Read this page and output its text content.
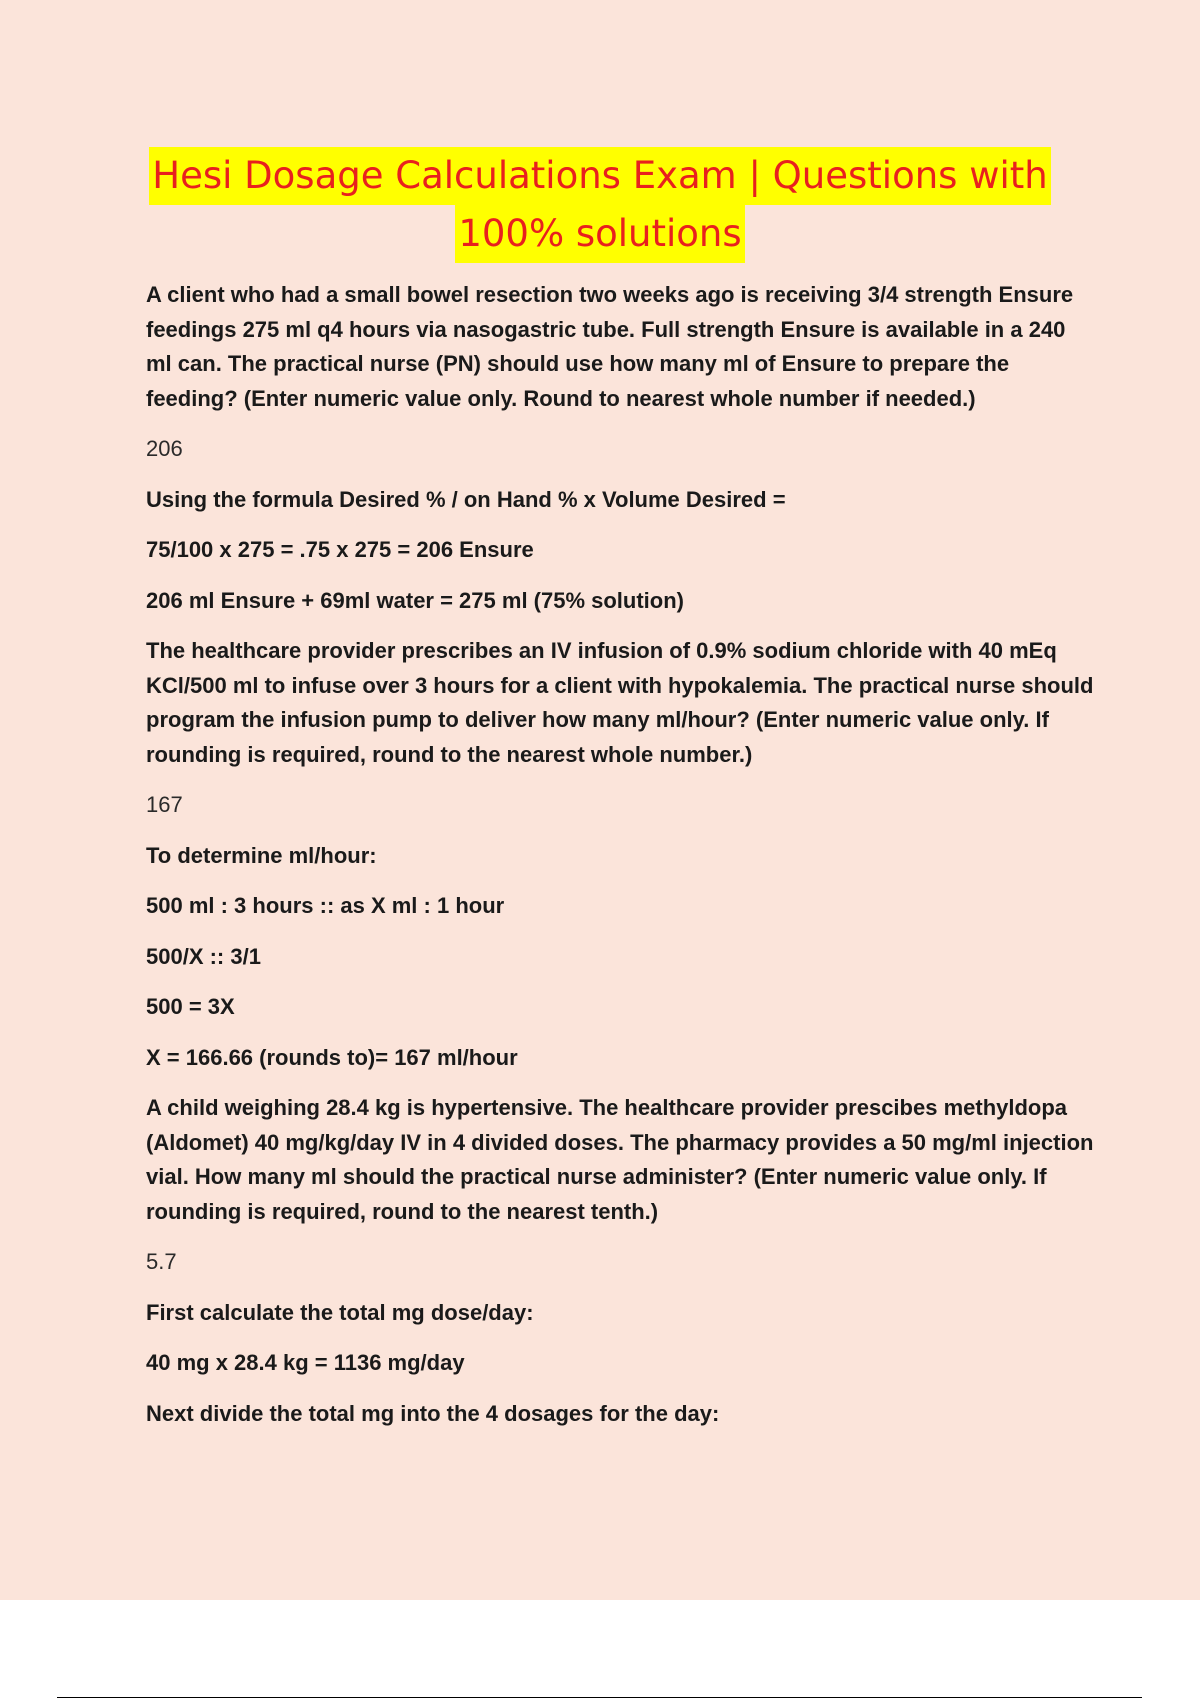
Hesi Dosage Calculations Exam | Questions with
100% solutions

A client who had a small bowel resection two weeks ago is receiving 3/4 strength Ensure feedings 275 ml q4 hours via nasogastric tube. Full strength Ensure is available in a 240 ml can. The practical nurse (PN) should use how many ml of Ensure to prepare the feeding? (Enter numeric value only. Round to nearest whole number if needed.)

206

Using the formula Desired % / on Hand % x Volume Desired =

75/100 x 275 = .75 x 275 = 206 Ensure

206 ml Ensure + 69ml water = 275 ml (75% solution)

The healthcare provider prescribes an IV infusion of 0.9% sodium chloride with 40 mEq KCl/500 ml to infuse over 3 hours for a client with hypokalemia. The practical nurse should program the infusion pump to deliver how many ml/hour? (Enter numeric value only. If rounding is required, round to the nearest whole number.)

167

To determine ml/hour:

500 ml : 3 hours :: as X ml : 1 hour

500/X :: 3/1

500 = 3X

X = 166.66 (rounds to)= 167 ml/hour

A child weighing 28.4 kg is hypertensive. The healthcare provider prescibes methyldopa (Aldomet) 40 mg/kg/day IV in 4 divided doses. The pharmacy provides a 50 mg/ml injection vial. How many ml should the practical nurse administer? (Enter numeric value only. If rounding is required, round to the nearest tenth.)

5.7

First calculate the total mg dose/day:

40 mg x 28.4 kg = 1136 mg/day

Next divide the total mg into the 4 dosages for the day:
